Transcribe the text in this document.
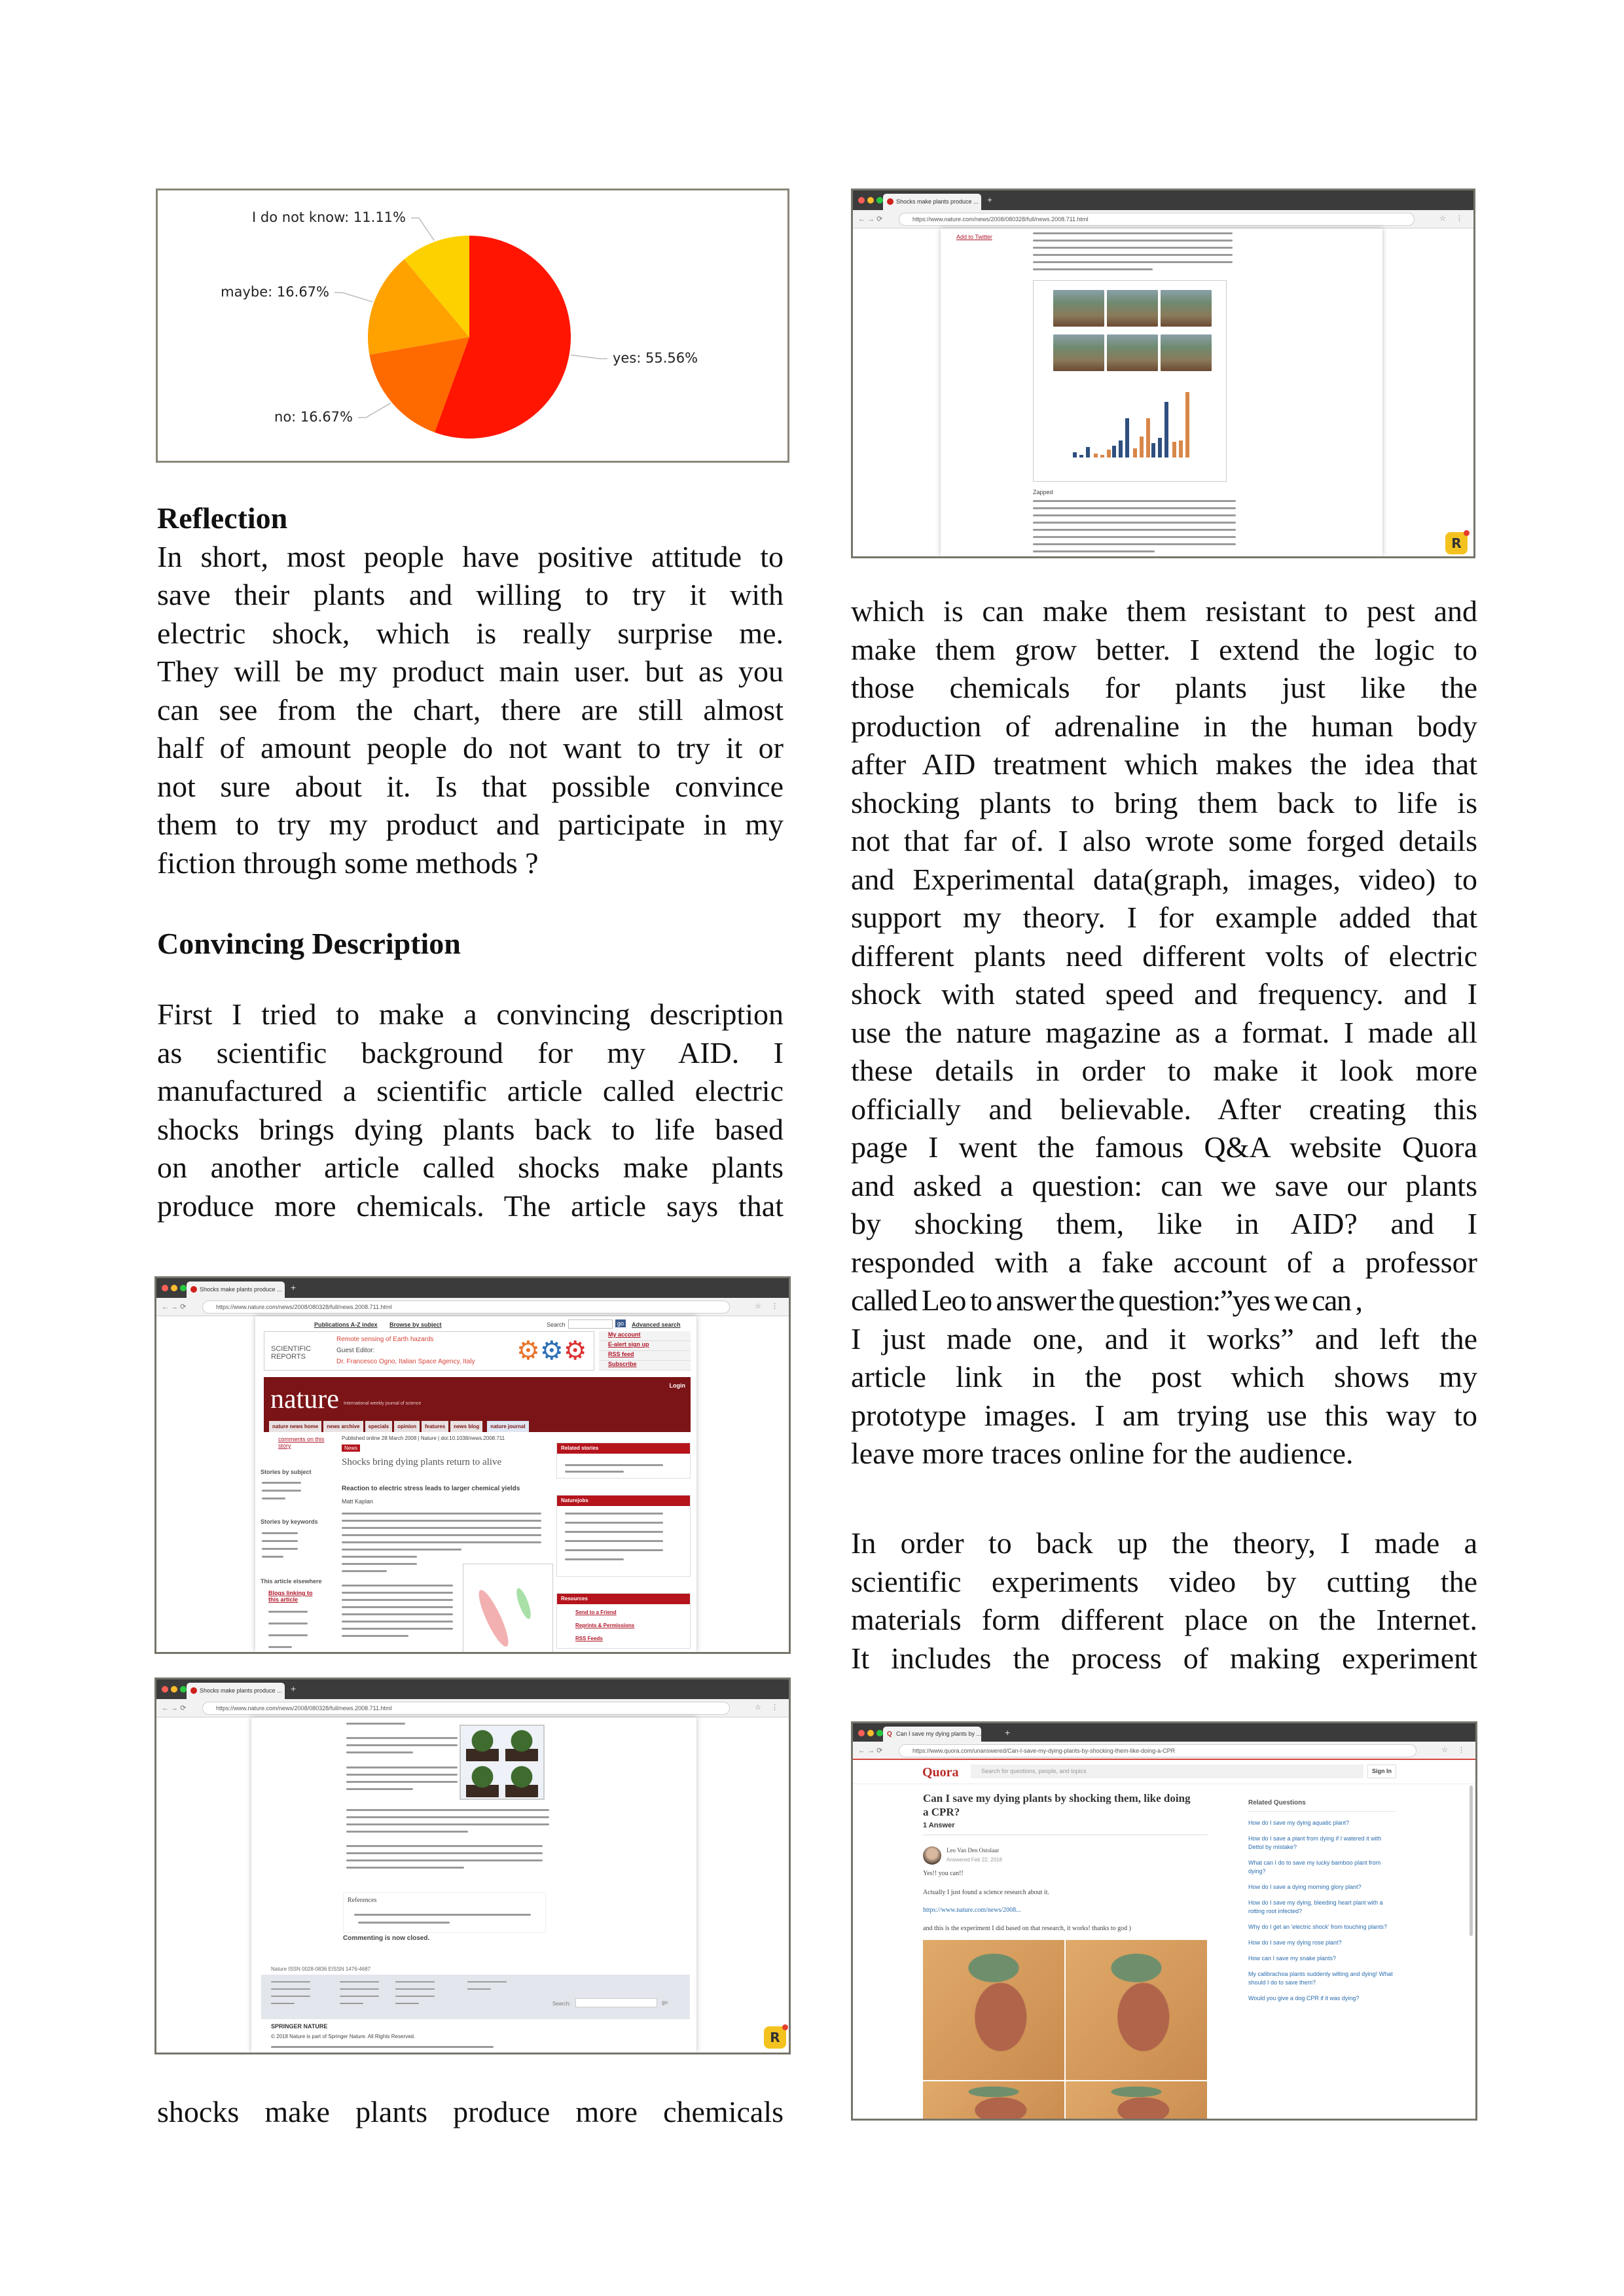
yes: 55.56%
no: 16.67%
maybe: 16.67%
I do not know: 11.11%
Reflection
In short, most people have positive attitude to
save their plants and willing to try it with
electric shock, which is really surprise me.
They will be my product main user. but as you
can see from the chart, there are still almost
half of amount people do not want to try it or
not sure about it. Is that possible convince
them to try my product and participate in my
fiction through some methods ?
Convincing Description
First I tried to make a convincing description
as scientific background for my AID. I
manufactured a scientific article called electric
shocks brings dying plants back to life based
on another article called shocks make plants
produce more chemicals. The article says that
shocks make plants produce more chemicals
which is can make them resistant to pest and
make them grow better. I extend the logic to
those chemicals for plants just like the
production of adrenaline in the human body
after AID treatment which makes the idea that
shocking plants to bring them back to life is
not that far of. I also wrote some forged details
and Experimental data(graph, images, video) to
support my theory. I for example added that
different plants need different volts of electric
shock with stated speed and frequency. and I
use the nature magazine as a format. I made all
these details in order to make it look more
officially and believable. After creating this
page I went the famous Q&A website Quora
and asked a question: can we save our plants
by shocking them, like in AID? and I
responded with a fake account of a professor
called Leo to answer the question:”yes we can ,
I just made one, and it works” and left the
article link in the post which shows my
prototype images. I am trying use this way to
leave more traces online for the audience.
In order to back up the theory, I made a
scientific experiments video by cutting the
materials form different place on the Internet.
It includes the process of making experiment
Shocks make plants produce ... +
← → ⟳	https://www.nature.com/news/2008/080328/full/news.2008.711.html	☆ ⋮
Add to Twitter
Zapped
R
Shocks make plants produce ... +
← → ⟳	https://www.nature.com/news/2008/080328/full/news.2008.711.html	☆ ⋮
Publications A-Z index Browse by subject	Search	go	Advanced search
SCIENTIFIC REPORTS
Remote sensing of Earth hazards
Guest Editor:
Dr. Francesco Ogno, Italian Space Agency, Italy ⚙⚙⚙
My account
E-alert sign up
RSS feed
Subscribe
nature International weekly journal of science
Login
nature news home	news archive	specials	opinion	features	news blog	nature journal
comments on this story
Published online 28 March 2008 | Nature | doi:10.1038/news.2008.711
News
Shocks bring dying plants return to alive
Reaction to electric stress leads to larger chemical yields
Matt Kaplan
Stories by subject
Stories by keywords
This article elsewhere
Blogs linking to this article
Related stories
Naturejobs
Resources
Send to a Friend
Reprints & Permissions
RSS Feeds
Shocks make plants produce ... +
← → ⟳	https://www.nature.com/news/2008/080328/full/news.2008.711.html	☆ ⋮
References
Commenting is now closed.
Nature ISSN 0028-0836 EISSN 1476-4687
Search:	go
SPRINGER NATURE
© 2018 Nature is part of Springer Nature. All Rights Reserved.	R
Q Can I save my dying plants by ...	+
← → ⟳	https://www.quora.com/unanswered/Can-I-save-my-dying-plants-by-shocking-them-like-doing-a-CPR	☆ ⋮
Quora	Search for questions, people, and topics	Sign In
Can I save my dying plants by shocking them, like doing a CPR?
1 Answer
Leo Van Den Ostolaar
Answered Feb 22, 2018
Yes!! you can!!
Actually I just found a science research about it.
https://www.nature.com/news/2008...
and this is the experiment I did based on that research, it works! thanks to god )
Related Questions
How do I save my dying aquatic plant?
How do I save a plant from dying if I watered it with Dettol by mistake?
What can I do to save my lucky bamboo plant from dying?
How do I save a dying morning glory plant?
How do I save my dying, bleeding heart plant with a rotting root infected?
Why do I get an 'electric shock' from touching plants?
How do I save my dying rose plant?
How can I save my snake plants?
My calibrachoa plants suddenly wilting and dying! What should I do to save them?
Would you give a dog CPR if it was dying?
